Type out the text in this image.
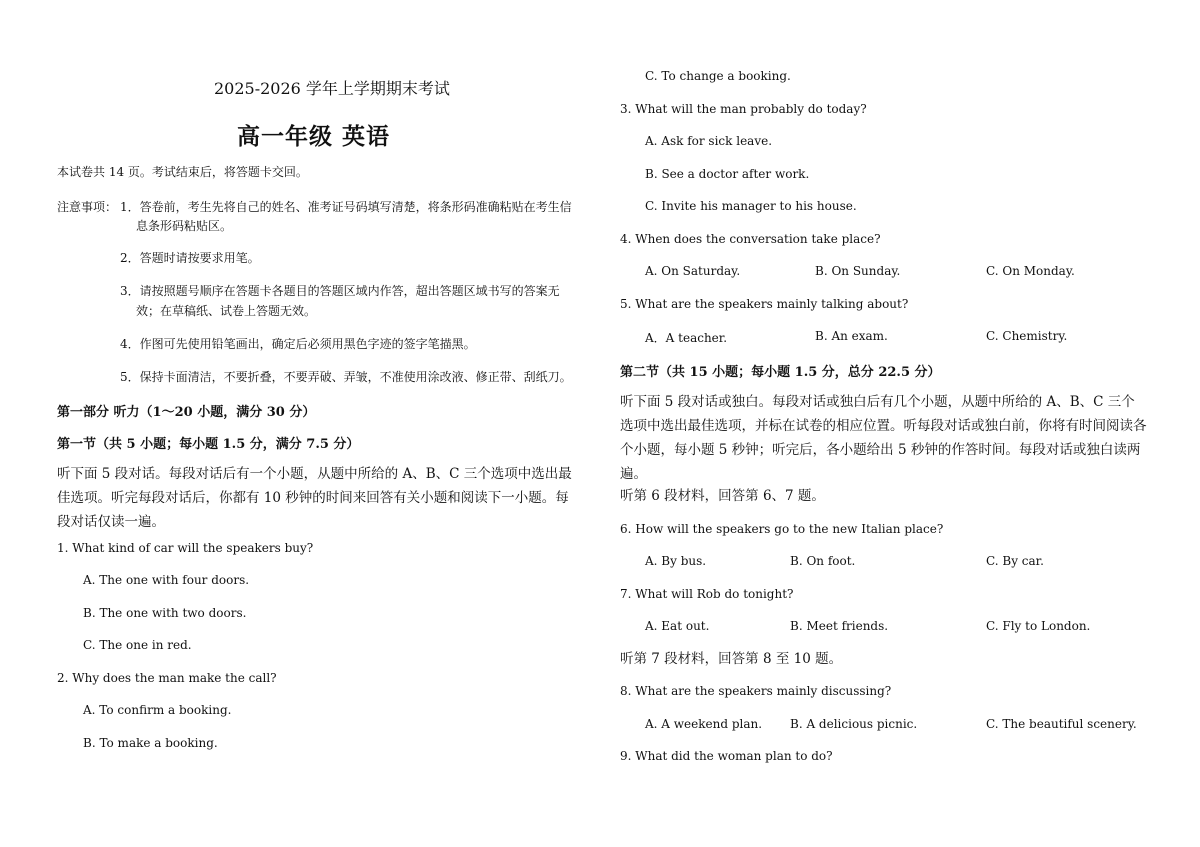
2025-2026 学年上学期期末考试
高一年级 英语
本试卷共 14 页。考试结束后，将答题卡交回。
注意事项： 1．答卷前，考生先将自己的姓名、准考证号码填写清楚，将条形码准确粘贴在考生信
息条形码粘贴区。
2．答题时请按要求用笔。
3．请按照题号顺序在答题卡各题目的答题区域内作答，超出答题区域书写的答案无
效；在草稿纸、试卷上答题无效。
4．作图可先使用铅笔画出，确定后必须用黑色字迹的签字笔描黑。
5．保持卡面清洁，不要折叠，不要弄破、弄皱，不准使用涂改液、修正带、刮纸刀。
第一部分 听力（1～20 小题，满分 30 分）
第一节（共 5 小题；每小题 1.5 分，满分 7.5 分）
听下面 5 段对话。每段对话后有一个小题，从题中所给的 A、B、C 三个选项中选出最佳选项。听完每段对话后，你都有 10 秒钟的时间来回答有关小题和阅读下一小题。每段对话仅读一遍。
1. What kind of car will the speakers buy?
A. The one with four doors.
B. The one with two doors.
C. The one in red.
2. Why does the man make the call?
A. To confirm a booking.
B. To make a booking.
C. To change a booking.
3. What will the man probably do today?
A. Ask for sick leave.
B. See a doctor after work.
C. Invite his manager to his house.
4. When does the conversation take place?
A. On Saturday.	B. On Sunday.	C. On Monday.
5. What are the speakers mainly talking about?
A．A teacher.	B. An exam.	C. Chemistry.
第二节（共 15 小题；每小题 1.5 分，总分 22.5 分）
听下面 5 段对话或独白。每段对话或独白后有几个小题，从题中所给的 A、B、C 三个选项中选出最佳选项，并标在试卷的相应位置。听每段对话或独白前，你将有时间阅读各个小题，每小题 5 秒钟；听完后，各小题给出 5 秒钟的作答时间。每段对话或独白读两遍。
听第 6 段材料，回答第 6、7 题。
6. How will the speakers go to the new Italian place?
A. By bus.	B. On foot.	C. By car.
7. What will Rob do tonight?
A. Eat out.	B. Meet friends.	C. Fly to London.
听第 7 段材料，回答第 8 至 10 题。
8. What are the speakers mainly discussing?
A. A weekend plan. B. A delicious picnic.	C. The beautiful scenery.
9. What did the woman plan to do?
